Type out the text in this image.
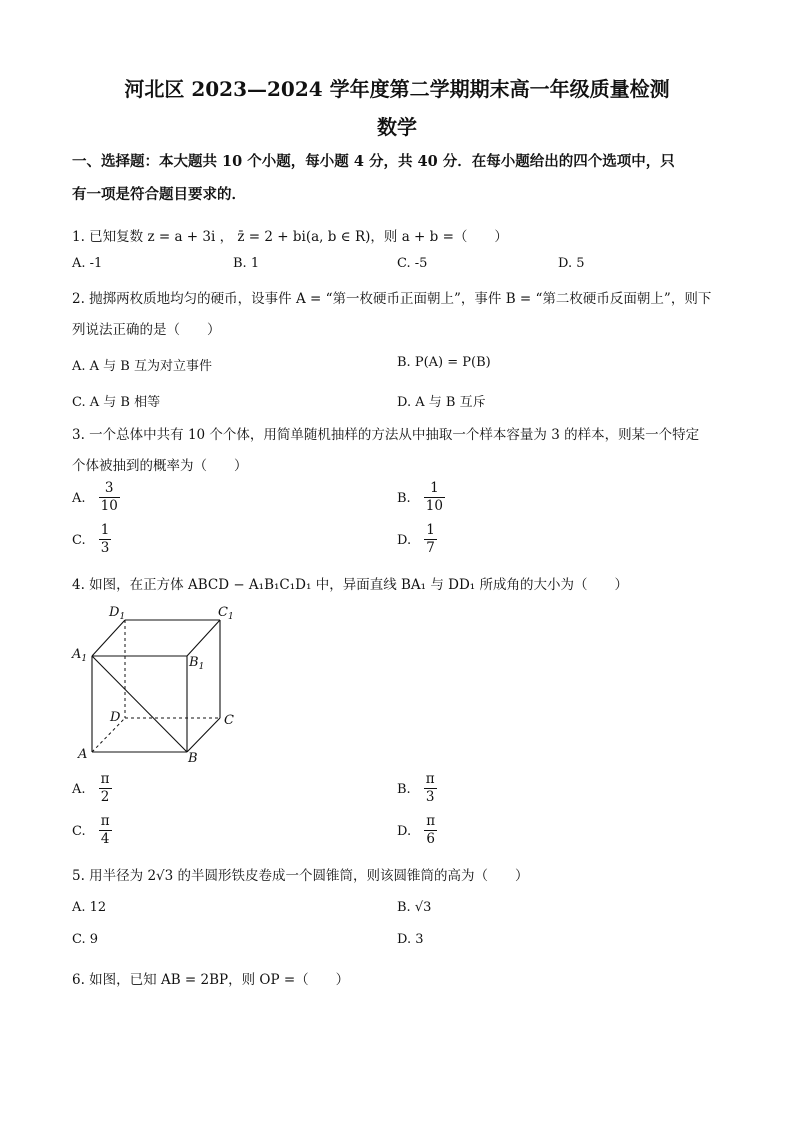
河北区 2023—2024 学年度第二学期期末高一年级质量检测
数学
一、选择题：本大题共 10 个小题，每小题 4 分，共 40 分．在每小题给出的四个选项中，只
有一项是符合题目要求的．
1. 已知复数 z = a + 3i ， z̄ = 2 + bi(a, b ∈ R)，则 a + b =（　　）
A. -1	B. 1	C. -5	D. 5
2. 抛掷两枚质地均匀的硬币，设事件 A = “第一枚硬币正面朝上”，事件 B = “第二枚硬币反面朝上”，则下
列说法正确的是（　　）
A. A 与 B 互为对立事件	B. P(A) = P(B)
C. A 与 B 相等	D. A 与 B 互斥
3. 一个总体中共有 10 个个体，用简单随机抽样的方法从中抽取一个样本容量为 3 的样本，则某一个特定
个体被抽到的概率为（　　）
A. $\frac{3}{10}$	B. $\frac{1}{10}$
C. $\frac{1}{3}$	D. $\frac{1}{7}$
4. 如图，在正方体 ABCD − A₁B₁C₁D₁ 中，异面直线 BA₁ 与 DD₁ 所成角的大小为（　　）
$D_1$	$C_1$
$A_1$	$B_1$
D	C
A	B
A. $\frac{\pi}{2}$	B. $\frac{\pi}{3}$
C. $\frac{\pi}{4}$	D. $\frac{\pi}{6}$
5. 用半径为 2√3 的半圆形铁皮卷成一个圆锥筒，则该圆锥筒的高为（　　）
A. 12	B. √3
C. 9	D. 3
6. 如图，已知 AB = 2BP，则 OP =（　　）
